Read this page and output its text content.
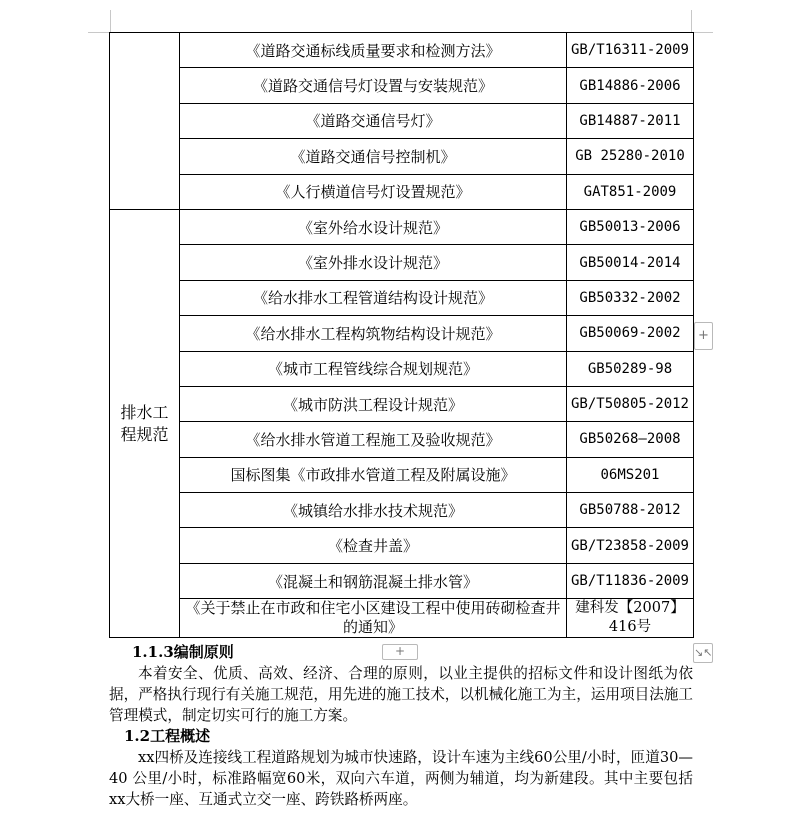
	《道路交通标线质量要求和检测方法》	GB/T16311-2009
	《道路交通信号灯设置与安装规范》	GB14886-2006
	《道路交通信号灯》	GB14887-2011
	《道路交通信号控制机》	GB 25280-2010
	《人行横道信号灯设置规范》	GAT851-2009
排水工程规范	《室外给水设计规范》	GB50013-2006
	《室外排水设计规范》	GB50014-2014
	《给水排水工程管道结构设计规范》	GB50332-2002
	《给水排水工程构筑物结构设计规范》	GB50069-2002
	《城市工程管线综合规划规范》	GB50289-98
	《城市防洪工程设计规范》	GB/T50805-2012
	《给水排水管道工程施工及验收规范》	GB50268—2008
	国标图集《市政排水管道工程及附属设施》	06MS201
	《城镇给水排水技术规范》	GB50788-2012
	《检查井盖》	GB/T23858-2009
	《混凝土和钢筋混凝土排水管》	GB/T11836-2009
	《关于禁止在市政和住宅小区建设工程中使用砖砌检查井的通知》	建科发【2007】416号
+
+	↘↖
1.1.3编制原则
本着安全、优质、高效、经济、合理的原则，以业主提供的招标文件和设计图纸为依据，严格执行现行有关施工规范，用先进的施工技术，以机械化施工为主，运用项目法施工管理模式，制定切实可行的施工方案。
1.2工程概述
xx四桥及连接线工程道路规划为城市快速路，设计车速为主线60公里/小时，匝道30—40 公里/小时，标准路幅宽60米，双向六车道，两侧为辅道，均为新建段。其中主要包括xx大桥一座、互通式立交一座、跨铁路桥两座。
